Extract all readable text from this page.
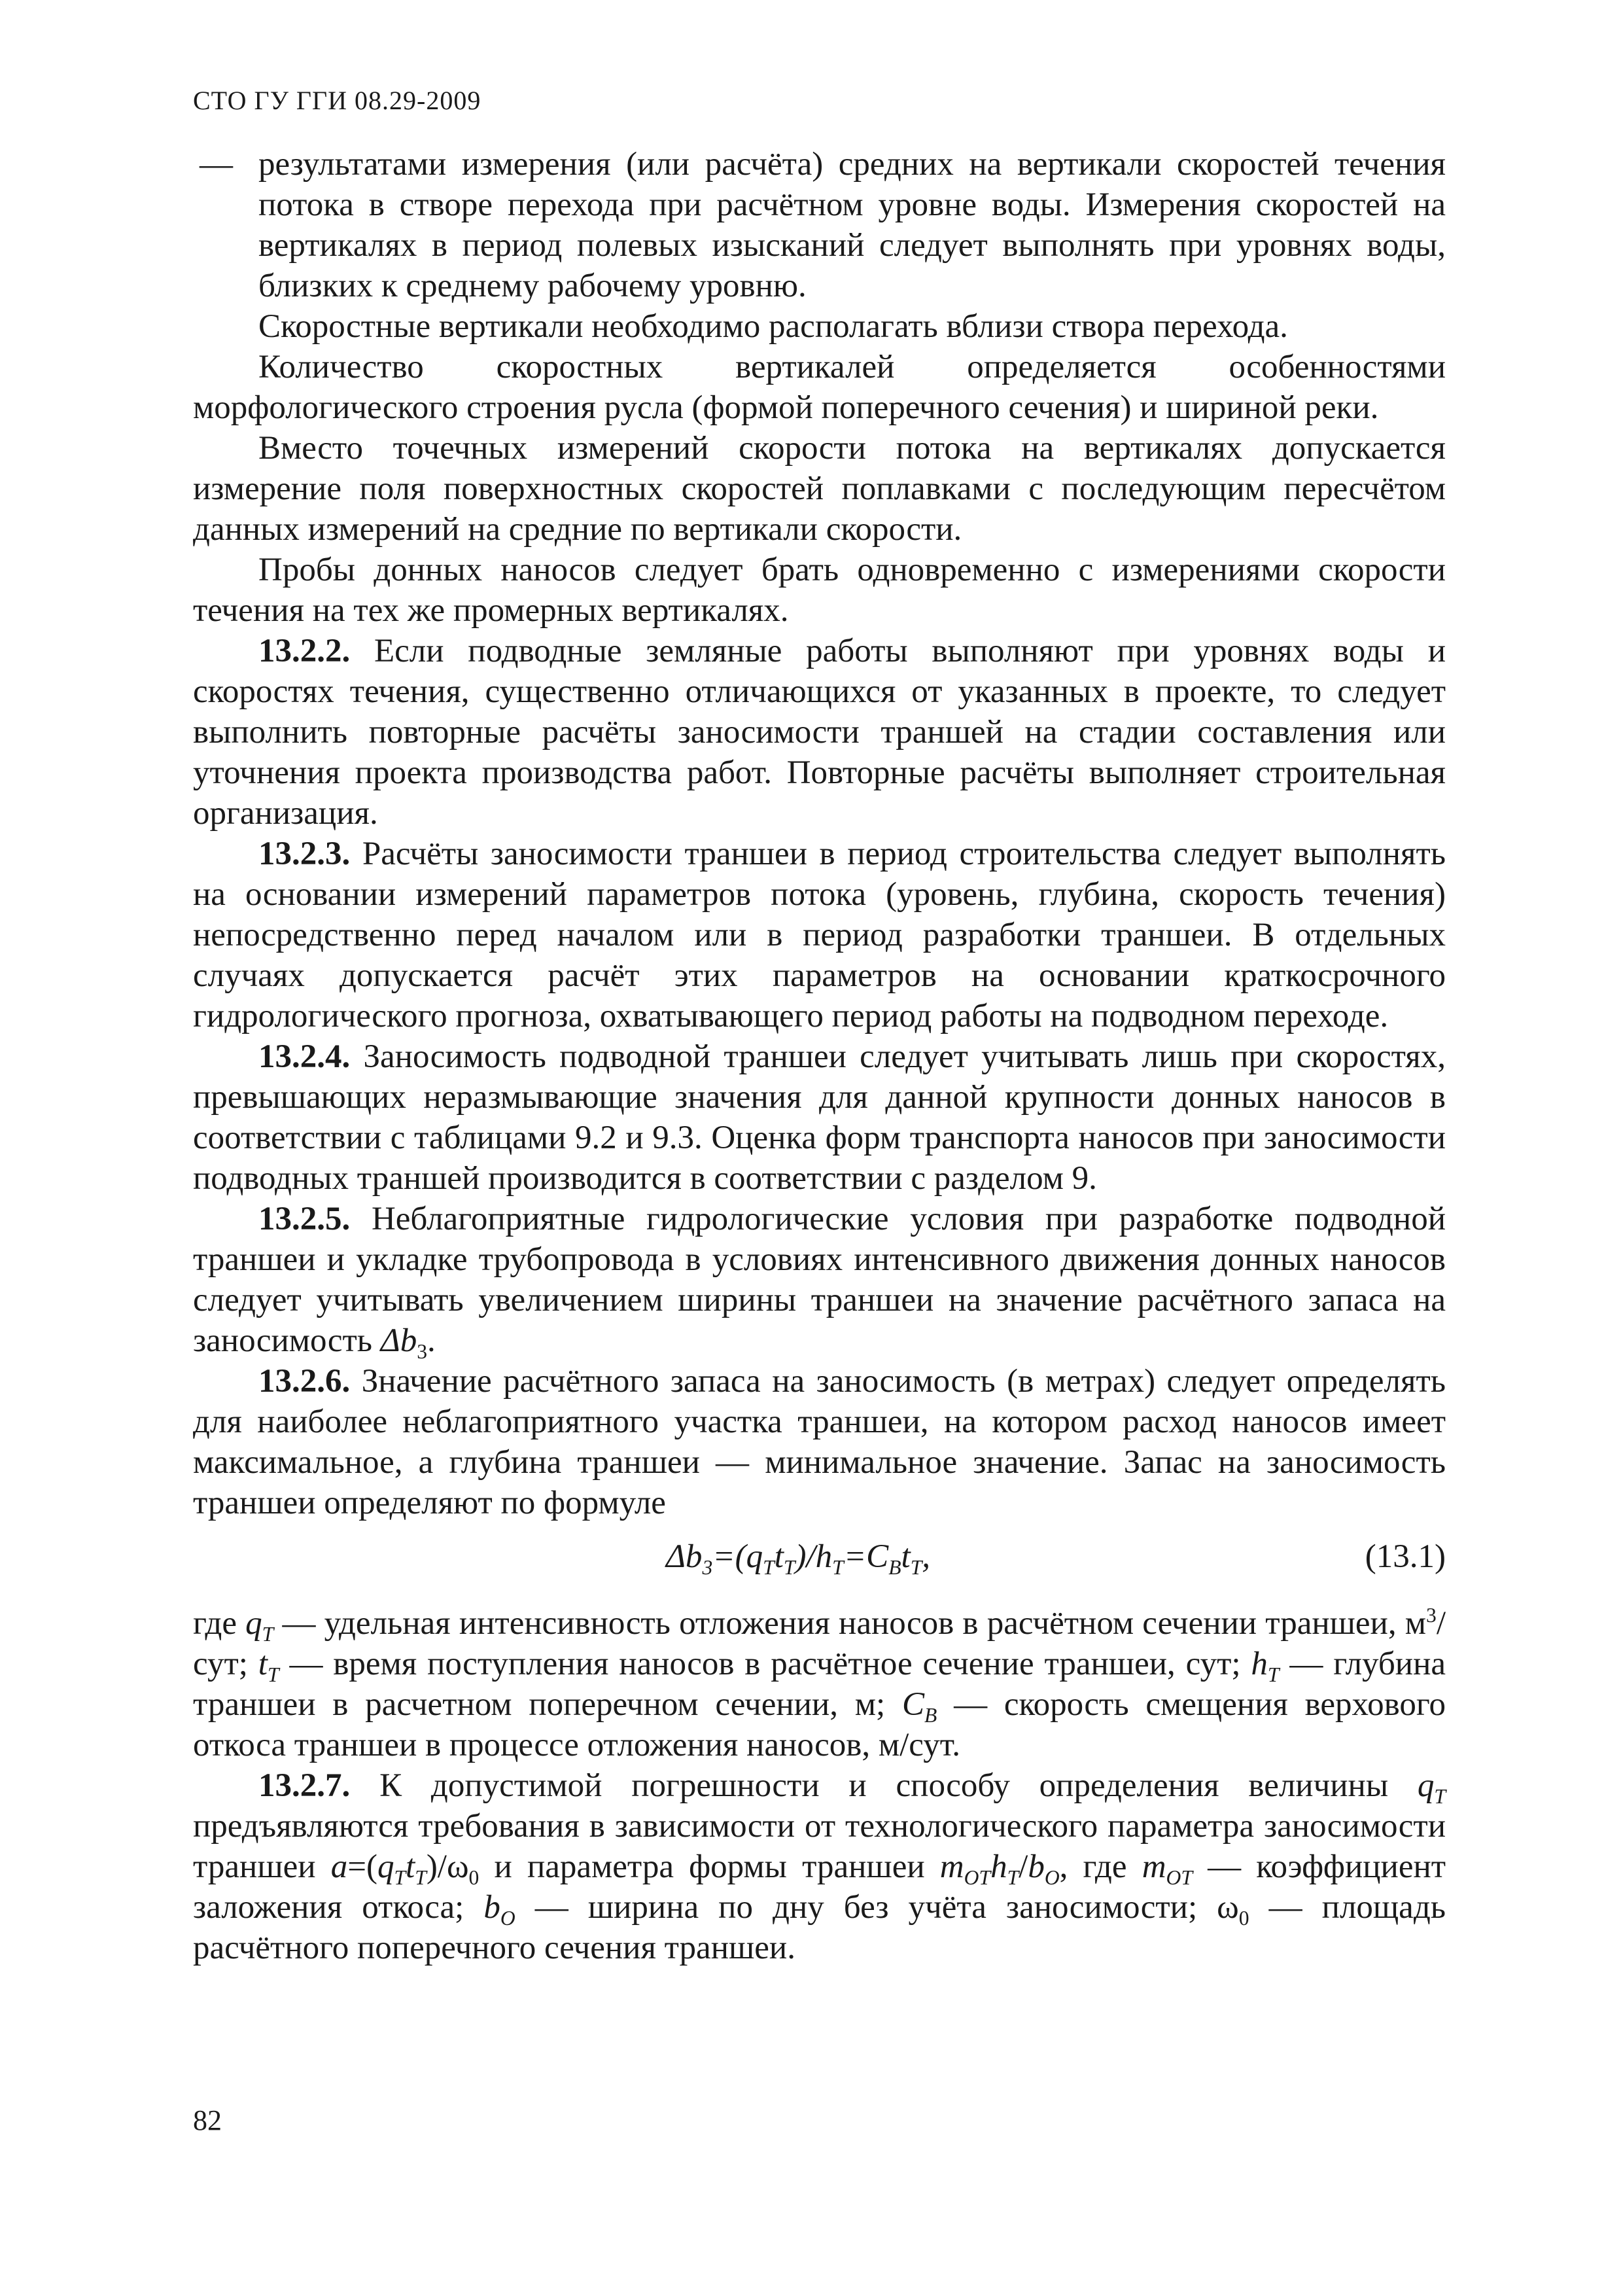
СТО ГУ ГГИ 08.29-2009
— результатами измерения (или расчёта) средних на вертикали скоростей течения потока в створе перехода при расчётном уровне воды. Измерения скоростей на вертикалях в период полевых изысканий следует выполнять при уровнях воды, близких к среднему рабочему уровню.

Скоростные вертикали необходимо располагать вблизи створа перехода.

Количество скоростных вертикалей определяется особенностями морфологического строения русла (формой поперечного сечения) и шириной реки.

Вместо точечных измерений скорости потока на вертикалях допускается измерение поля поверхностных скоростей поплавками с последующим пересчётом данных измерений на средние по вертикали скорости.

Пробы донных наносов следует брать одновременно с измерениями скорости течения на тех же промерных вертикалях.

13.2.2. Если подводные земляные работы выполняют при уровнях воды и скоростях течения, существенно отличающихся от указанных в проекте, то следует выполнить повторные расчёты заносимости траншей на стадии составления или уточнения проекта производства работ. Повторные расчёты выполняет строительная организация.

13.2.3. Расчёты заносимости траншеи в период строительства следует выполнять на основании измерений параметров потока (уровень, глубина, скорость течения) непосредственно перед началом или в период разработки траншеи. В отдельных случаях допускается расчёт этих параметров на основании краткосрочного гидрологического прогноза, охватывающего период работы на подводном переходе.

13.2.4. Заносимость подводной траншеи следует учитывать лишь при скоростях, превышающих неразмывающие значения для данной крупности донных наносов в соответствии с таблицами 9.2 и 9.3. Оценка форм транспорта наносов при заносимости подводных траншей производится в соответствии с разделом 9.

13.2.5. Неблагоприятные гидрологические условия при разработке подводной траншеи и укладке трубопровода в условиях интенсивного движения донных наносов следует учитывать увеличением ширины траншеи на значение расчётного запаса на заносимость $\Delta b_3$.

13.2.6. Значение расчётного запаса на заносимость (в метрах) следует определять для наиболее неблагоприятного участка траншеи, на котором расход наносов имеет максимальное, а глубина траншеи — минимальное значение. Запас на заносимость траншеи определяют по формуле

$\Delta b_3=(q_Tt_T)/h_T=C_Bt_T$,	(13.1)

где $q_T$ — удельная интенсивность отложения наносов в расчётном сечении траншеи, $м^3$/сут; $t_T$ — время поступления наносов в расчётное сечение траншеи, сут; $h_T$ — глубина траншеи в расчетном поперечном сечении, м; $C_B$ — скорость смещения верхового откоса траншеи в процессе отложения наносов, м/сут.

13.2.7. К допустимой погрешности и способу определения величины $q_T$ предъявляются требования в зависимости от технологического параметра заносимости траншеи $a=(q_Tt_T)/\omega_0$ и параметра формы траншеи $m_{OT}h_T/b_O$, где $m_{OT}$ — коэффициент заложения откоса; $b_O$ — ширина по дну без учёта заносимости; $\omega_0$ — площадь расчётного поперечного сечения траншеи.

82
